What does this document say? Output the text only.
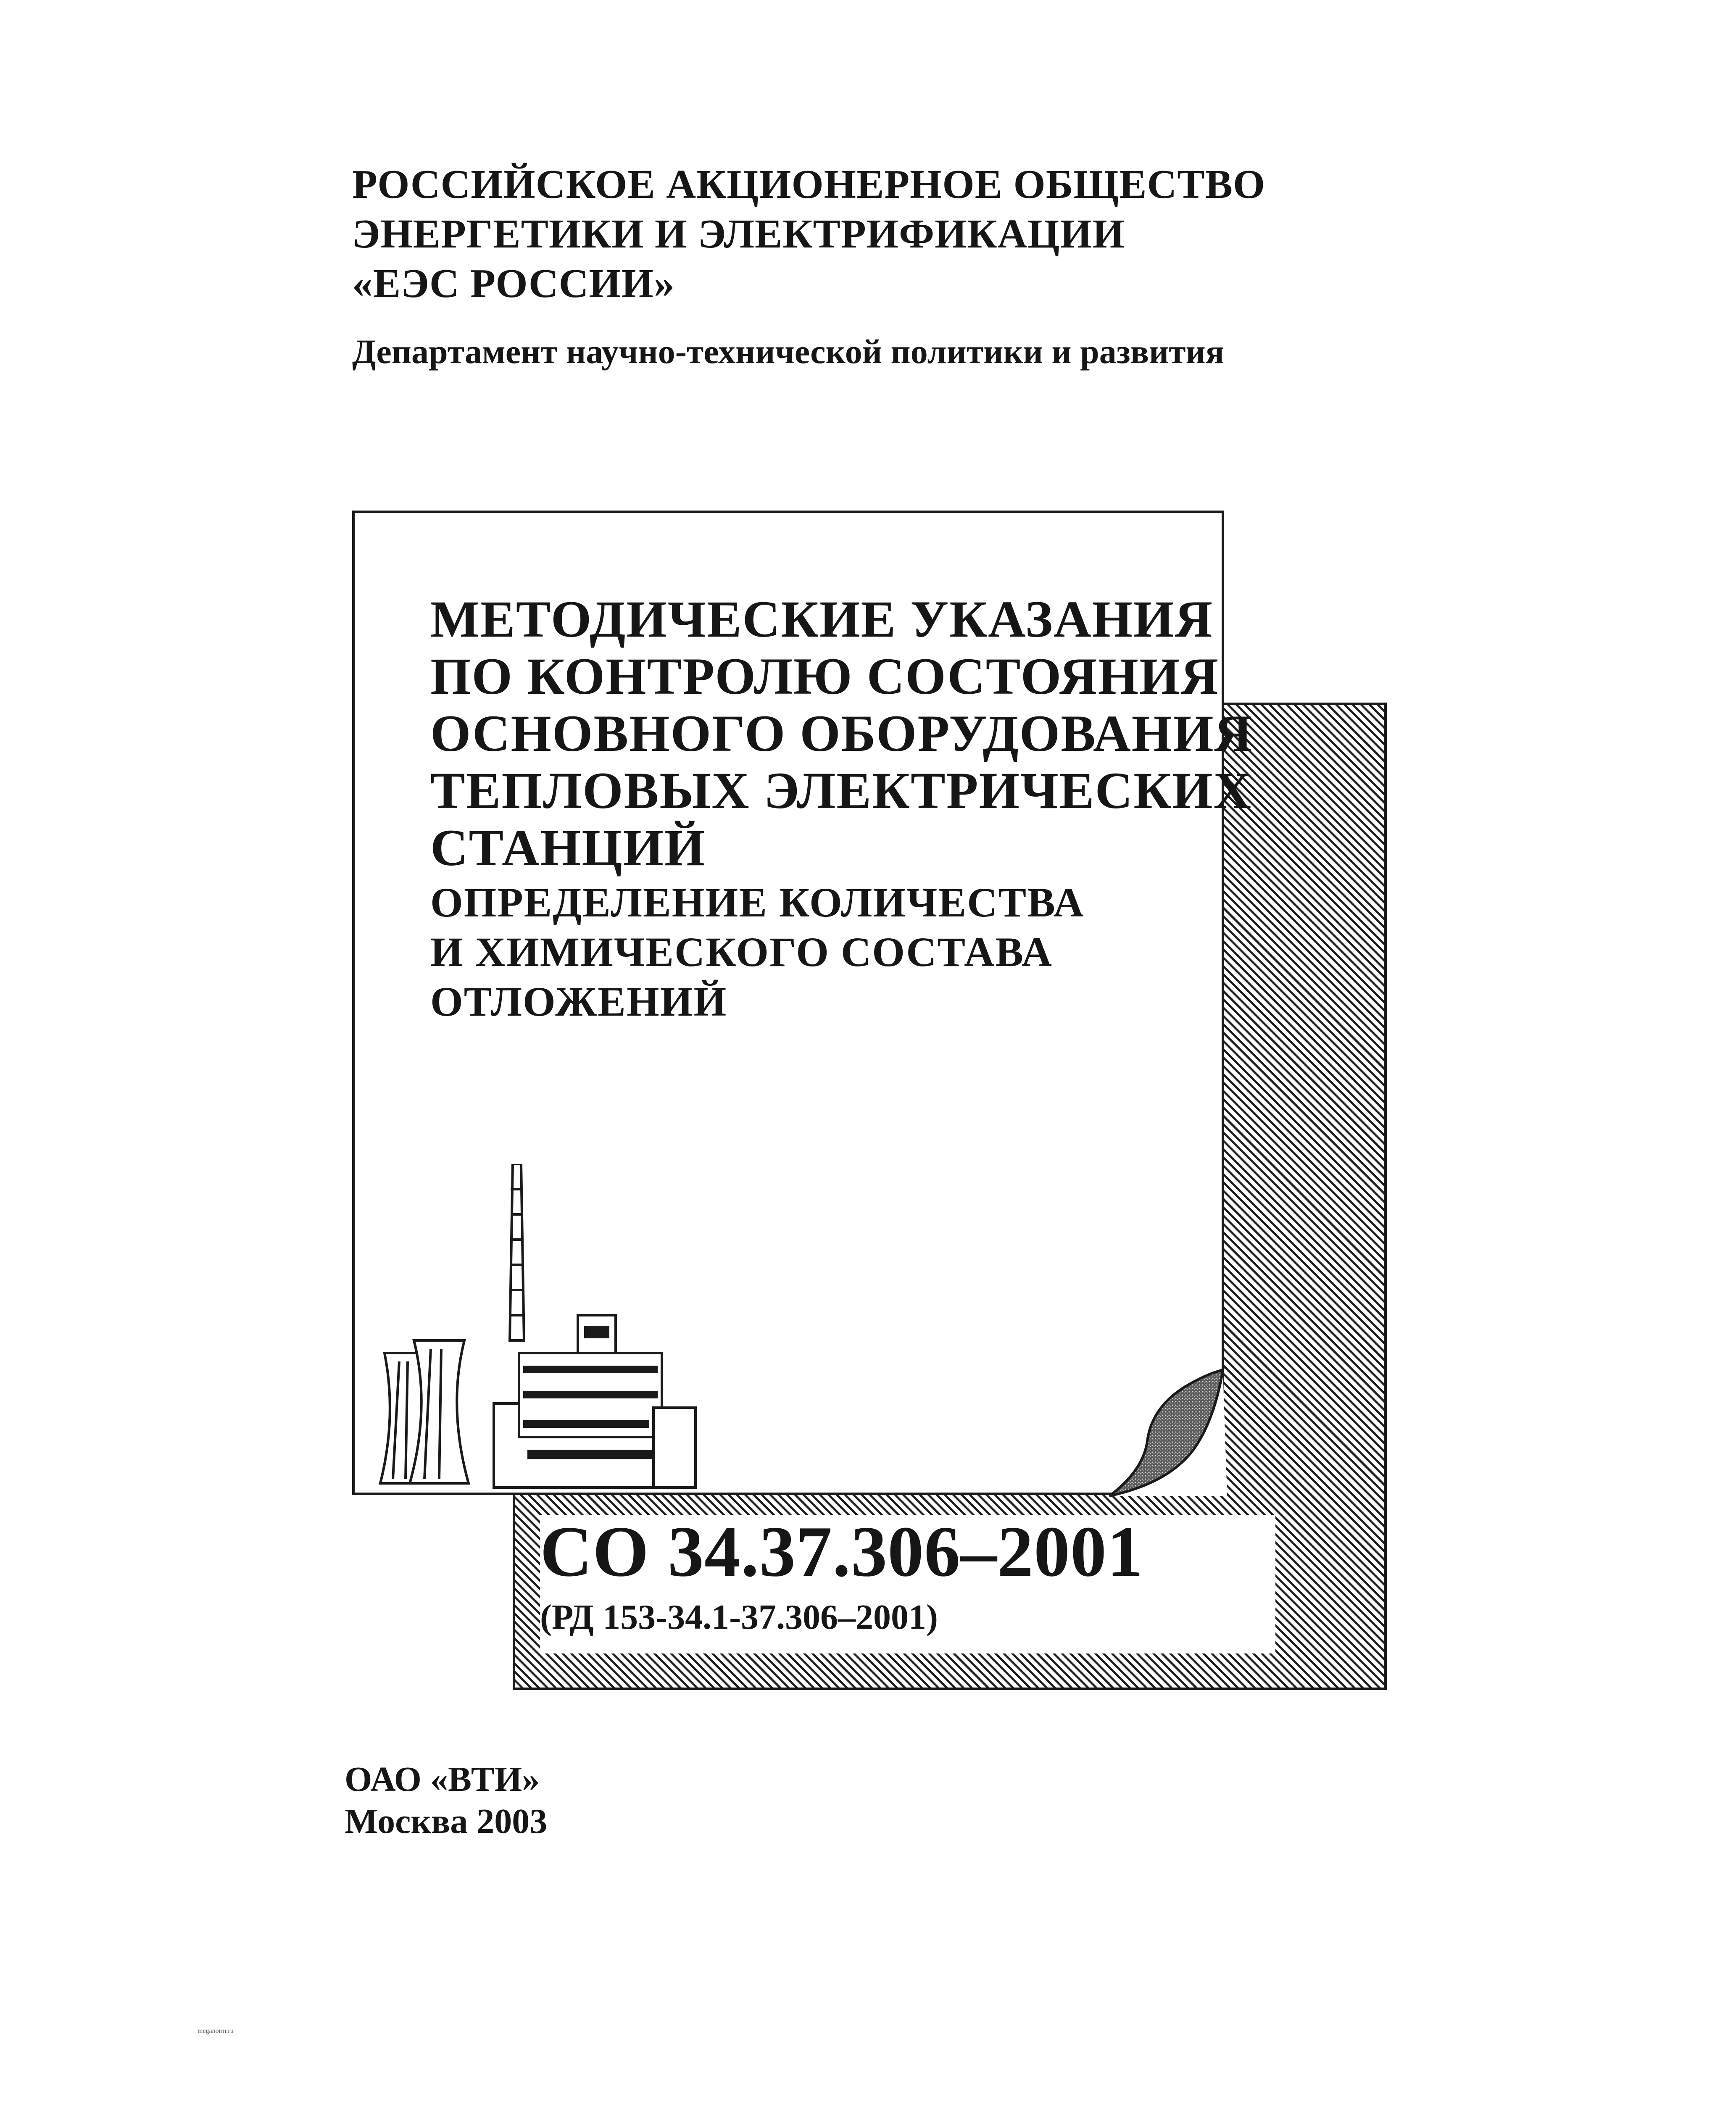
РОССИЙСКОЕ АКЦИОНЕРНОЕ ОБЩЕСТВО
ЭНЕРГЕТИКИ И ЭЛЕКТРИФИКАЦИИ
«ЕЭС РОССИИ»
Департамент научно-технической политики и развития
МЕТОДИЧЕСКИЕ УКАЗАНИЯ
ПО КОНТРОЛЮ СОСТОЯНИЯ
ОСНОВНОГО ОБОРУДОВАНИЯ
ТЕПЛОВЫХ ЭЛЕКТРИЧЕСКИХ
СТАНЦИЙ
ОПРЕДЕЛЕНИЕ КОЛИЧЕСТВА
И ХИМИЧЕСКОГО СОСТАВА
ОТЛОЖЕНИЙ
СО 34.37.306–2001
(РД 153-34.1-37.306–2001)
ОАО «ВТИ»
Москва 2003
meganorm.ru
